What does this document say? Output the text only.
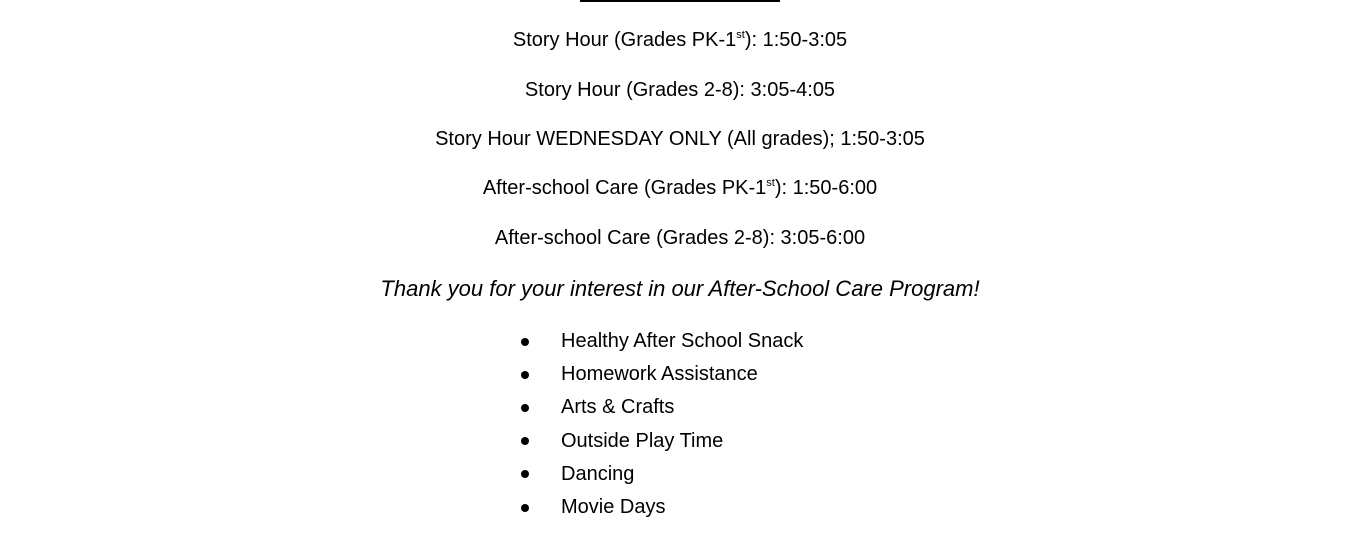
Story Hour (Grades PK-1st): 1:50-3:05
Story Hour (Grades 2-8): 3:05-4:05
Story Hour WEDNESDAY ONLY (All grades); 1:50-3:05
After-school Care (Grades PK-1st): 1:50-6:00
After-school Care (Grades 2-8): 3:05-6:00
Thank you for your interest in our After-School Care Program!
Healthy After School Snack
Homework Assistance
Arts & Crafts
Outside Play Time
Dancing
Movie Days
